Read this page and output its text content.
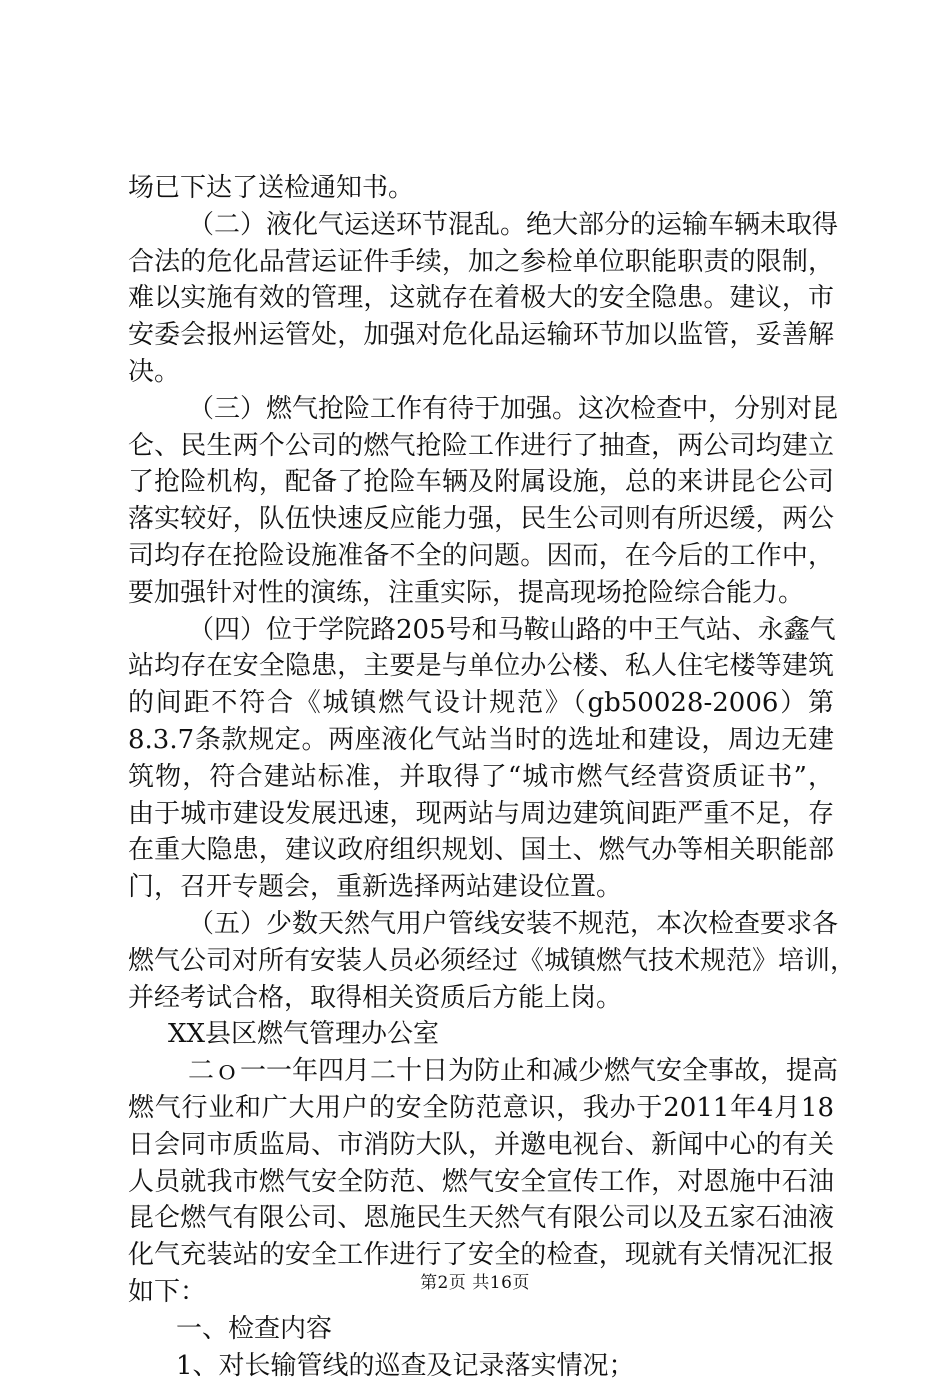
场已下达了送检通知书。
（二）液化气运送环节混乱。绝大部分的运输车辆未取得
合法的危化品营运证件手续，加之参检单位职能职责的限制，
难以实施有效的管理，这就存在着极大的安全隐患。建议，市
安委会报州运管处，加强对危化品运输环节加以监管，妥善解
决。
（三）燃气抢险工作有待于加强。这次检查中，分别对昆
仑、民生两个公司的燃气抢险工作进行了抽查，两公司均建立
了抢险机构，配备了抢险车辆及附属设施，总的来讲昆仑公司
落实较好，队伍快速反应能力强，民生公司则有所迟缓，两公
司均存在抢险设施准备不全的问题。因而，在今后的工作中，
要加强针对性的演练，注重实际，提高现场抢险综合能力。
（四）位于学院路205号和马鞍山路的中王气站、永鑫气
站均存在安全隐患，主要是与单位办公楼、私人住宅楼等建筑
的间距不符合《城镇燃气设计规范》（gb50028-2006）第
8.3.7条款规定。两座液化气站当时的选址和建设，周边无建
筑物，符合建站标准，并取得了“城市燃气经营资质证书”，
由于城市建设发展迅速，现两站与周边建筑间距严重不足，存
在重大隐患，建议政府组织规划、国土、燃气办等相关职能部
门，召开专题会，重新选择两站建设位置。
（五）少数天然气用户管线安装不规范，本次检查要求各
燃气公司对所有安装人员必须经过《城镇燃气技术规范》培训，
并经考试合格，取得相关资质后方能上岗。
XX县区燃气管理办公室
二ｏ一一年四月二十日为防止和减少燃气安全事故，提高
燃气行业和广大用户的安全防范意识，我办于2011年4月18
日会同市质监局、市消防大队，并邀电视台、新闻中心的有关
人员就我市燃气安全防范、燃气安全宣传工作，对恩施中石油
昆仑燃气有限公司、恩施民生天然气有限公司以及五家石油液
化气充装站的安全工作进行了安全的检查，现就有关情况汇报
如下：
一、检查内容
1、对长输管线的巡查及记录落实情况；
第2页 共16页
